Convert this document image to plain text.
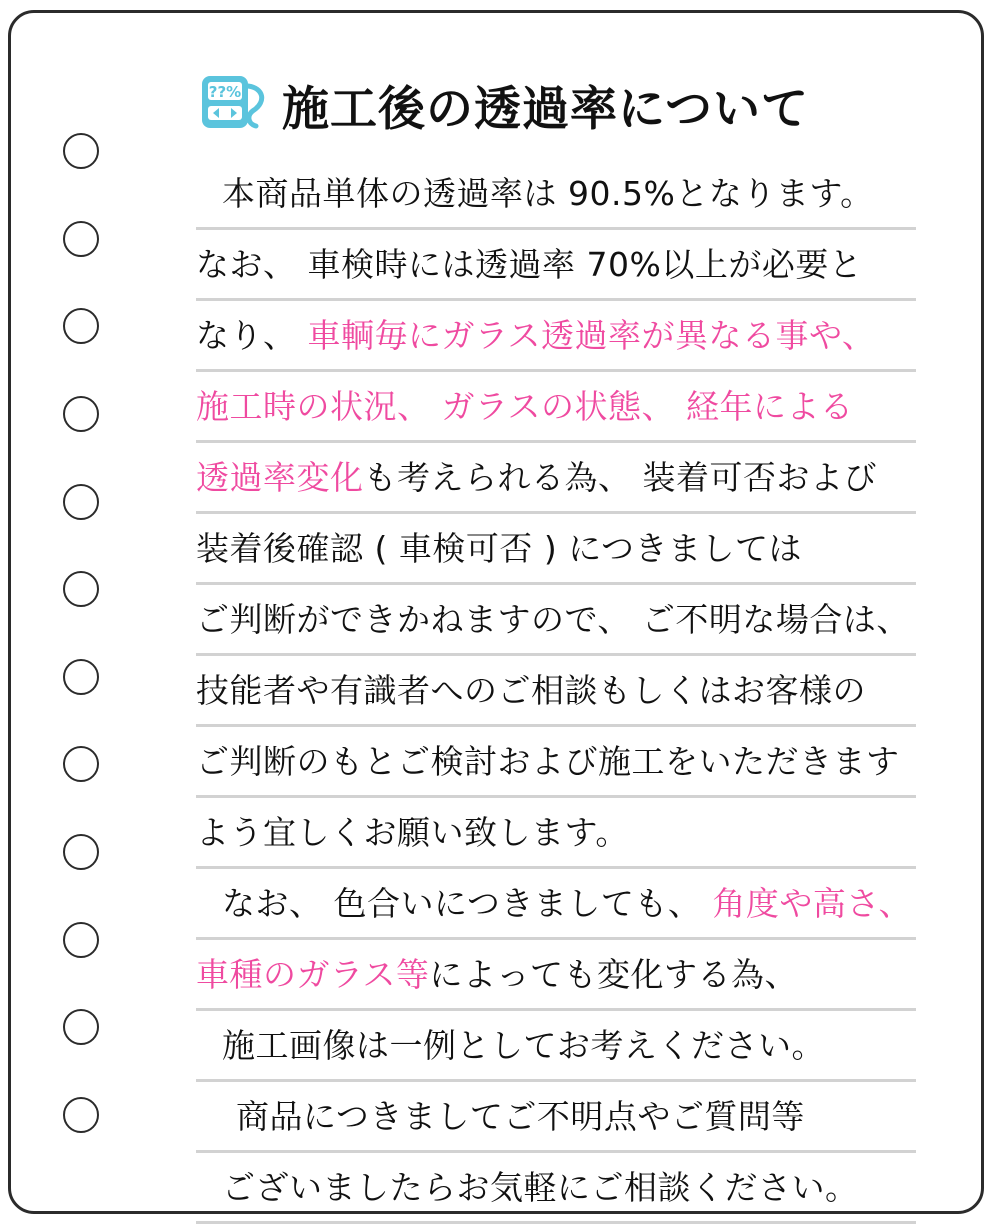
??% 施工後の透過率について
本商品単体の透過率は 90.5%となります。
なお、 車検時には透過率 70%以上が必要と
なり、 車輌毎にガラス透過率が異なる事や、
施工時の状況、 ガラスの状態、 経年による
透過率変化も考えられる為、 装着可否および
装着後確認 ( 車検可否 ) につきましては
ご判断ができかねますので、 ご不明な場合は、
技能者や有識者へのご相談もしくはお客様の
ご判断のもとご検討および施工をいただきます
よう宜しくお願い致します。
なお、 色合いにつきましても、 角度や高さ、
車種のガラス等によっても変化する為、
施工画像は一例としてお考えください。
商品につきましてご不明点やご質問等
ございましたらお気軽にご相談ください。
